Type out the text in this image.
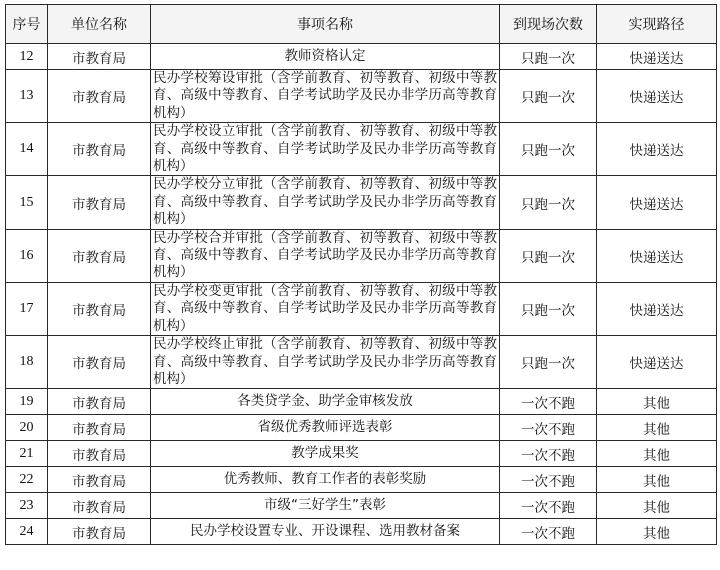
序号	单位名称	事项名称	到现场次数	实现路径
12	市教育局	教师资格认定	只跑一次	快递送达
13	市教育局	民办学校筹设审批（含学前教育、初等教育、初级中等教育、高级中等教育、自学考试助学及民办非学历高等教育机构）	只跑一次	快递送达
14	市教育局	民办学校设立审批（含学前教育、初等教育、初级中等教育、高级中等教育、自学考试助学及民办非学历高等教育机构）	只跑一次	快递送达
15	市教育局	民办学校分立审批（含学前教育、初等教育、初级中等教育、高级中等教育、自学考试助学及民办非学历高等教育机构）	只跑一次	快递送达
16	市教育局	民办学校合并审批（含学前教育、初等教育、初级中等教育、高级中等教育、自学考试助学及民办非学历高等教育机构）	只跑一次	快递送达
17	市教育局	民办学校变更审批（含学前教育、初等教育、初级中等教育、高级中等教育、自学考试助学及民办非学历高等教育机构）	只跑一次	快递送达
18	市教育局	民办学校终止审批（含学前教育、初等教育、初级中等教育、高级中等教育、自学考试助学及民办非学历高等教育机构）	只跑一次	快递送达
19	市教育局	各类贷学金、助学金审核发放	一次不跑	其他
20	市教育局	省级优秀教师评选表彰	一次不跑	其他
21	市教育局	教学成果奖	一次不跑	其他
22	市教育局	优秀教师、教育工作者的表彰奖励	一次不跑	其他
23	市教育局	市级“三好学生”表彰	一次不跑	其他
24	市教育局	民办学校设置专业、开设课程、选用教材备案	一次不跑	其他
